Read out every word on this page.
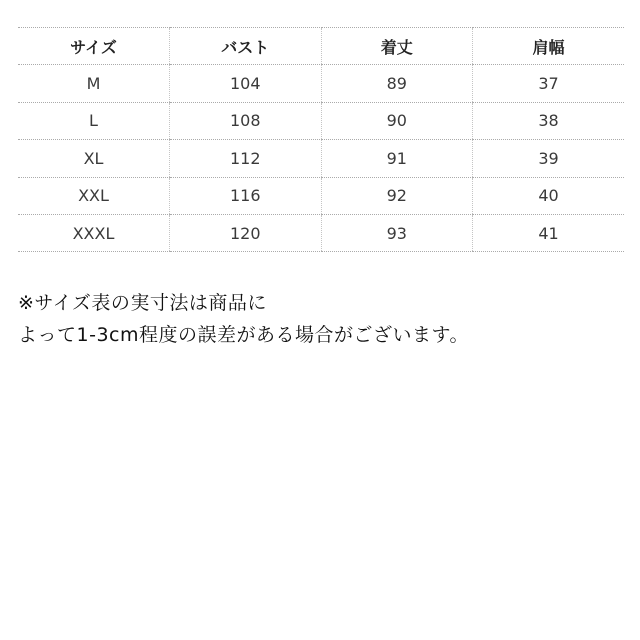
サイズ	バスト	着丈	肩幅
M	104	89	37
L	108	90	38
XL	112	91	39
XXL	116	92	40
XXXL	120	93	41
※サイズ表の実寸法は商品に
よって1-3cm程度の誤差がある場合がございます。
